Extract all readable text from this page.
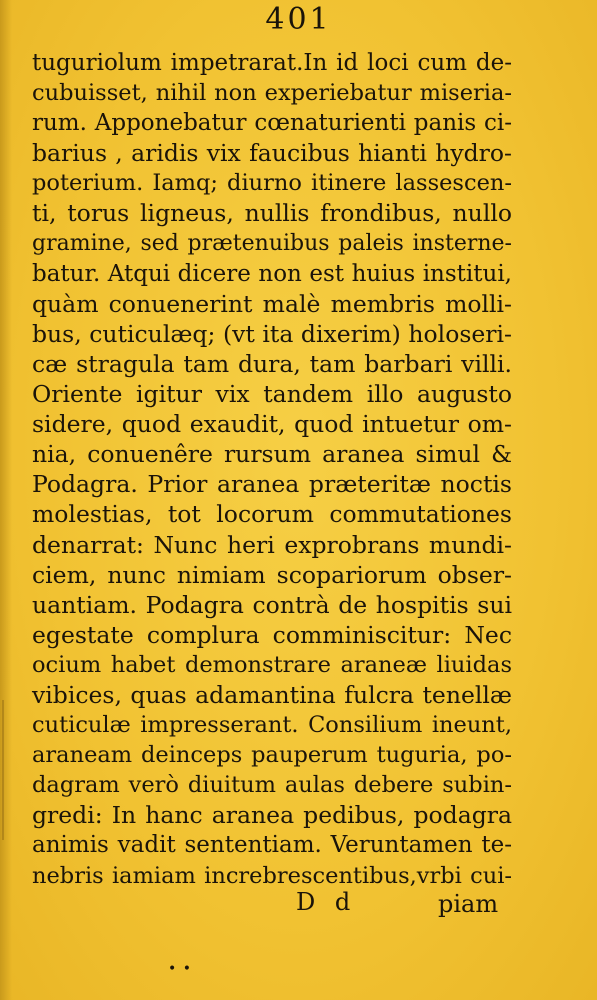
401
tuguriolum impetrarat.In id loci cum de-
cubuisset, nihil non experiebatur miseria-
rum. Apponebatur cœnaturienti panis ci-
barius , aridis vix faucibus hianti hydro-
poterium. Iamq; diurno itinere lassescen-
ti, torus ligneus, nullis frondibus, nullo
gramine, sed prætenuibus paleis insterne-
batur. Atqui dicere non est huius institui,
quàm conuenerint malè membris molli-
bus, cuticulæq; (vt ita dixerim) holoseri-
cæ stragula tam dura, tam barbari villi.
Oriente igitur vix tandem illo augusto
sidere, quod exaudit, quod intuetur om-
nia, conuenêre rursum aranea simul &
Podagra. Prior aranea præteritæ noctis
molestias, tot locorum commutationes
denarrat: Nunc heri exprobrans mundi-
ciem, nunc nimiam scopariorum obser-
uantiam. Podagra contrà de hospitis sui
egestate complura comminiscitur: Nec
ocium habet demonstrare araneæ liuidas
vibices, quas adamantina fulcra tenellæ
cuticulæ impresserant. Consilium ineunt,
araneam deinceps pauperum tuguria, po-
dagram verò diuitum aulas debere subin-
gredi: In hanc aranea pedibus, podagra
animis vadit sententiam. Veruntamen te-
nebris iamiam increbrescentibus,vrbi cui-
D d	piam
• •
